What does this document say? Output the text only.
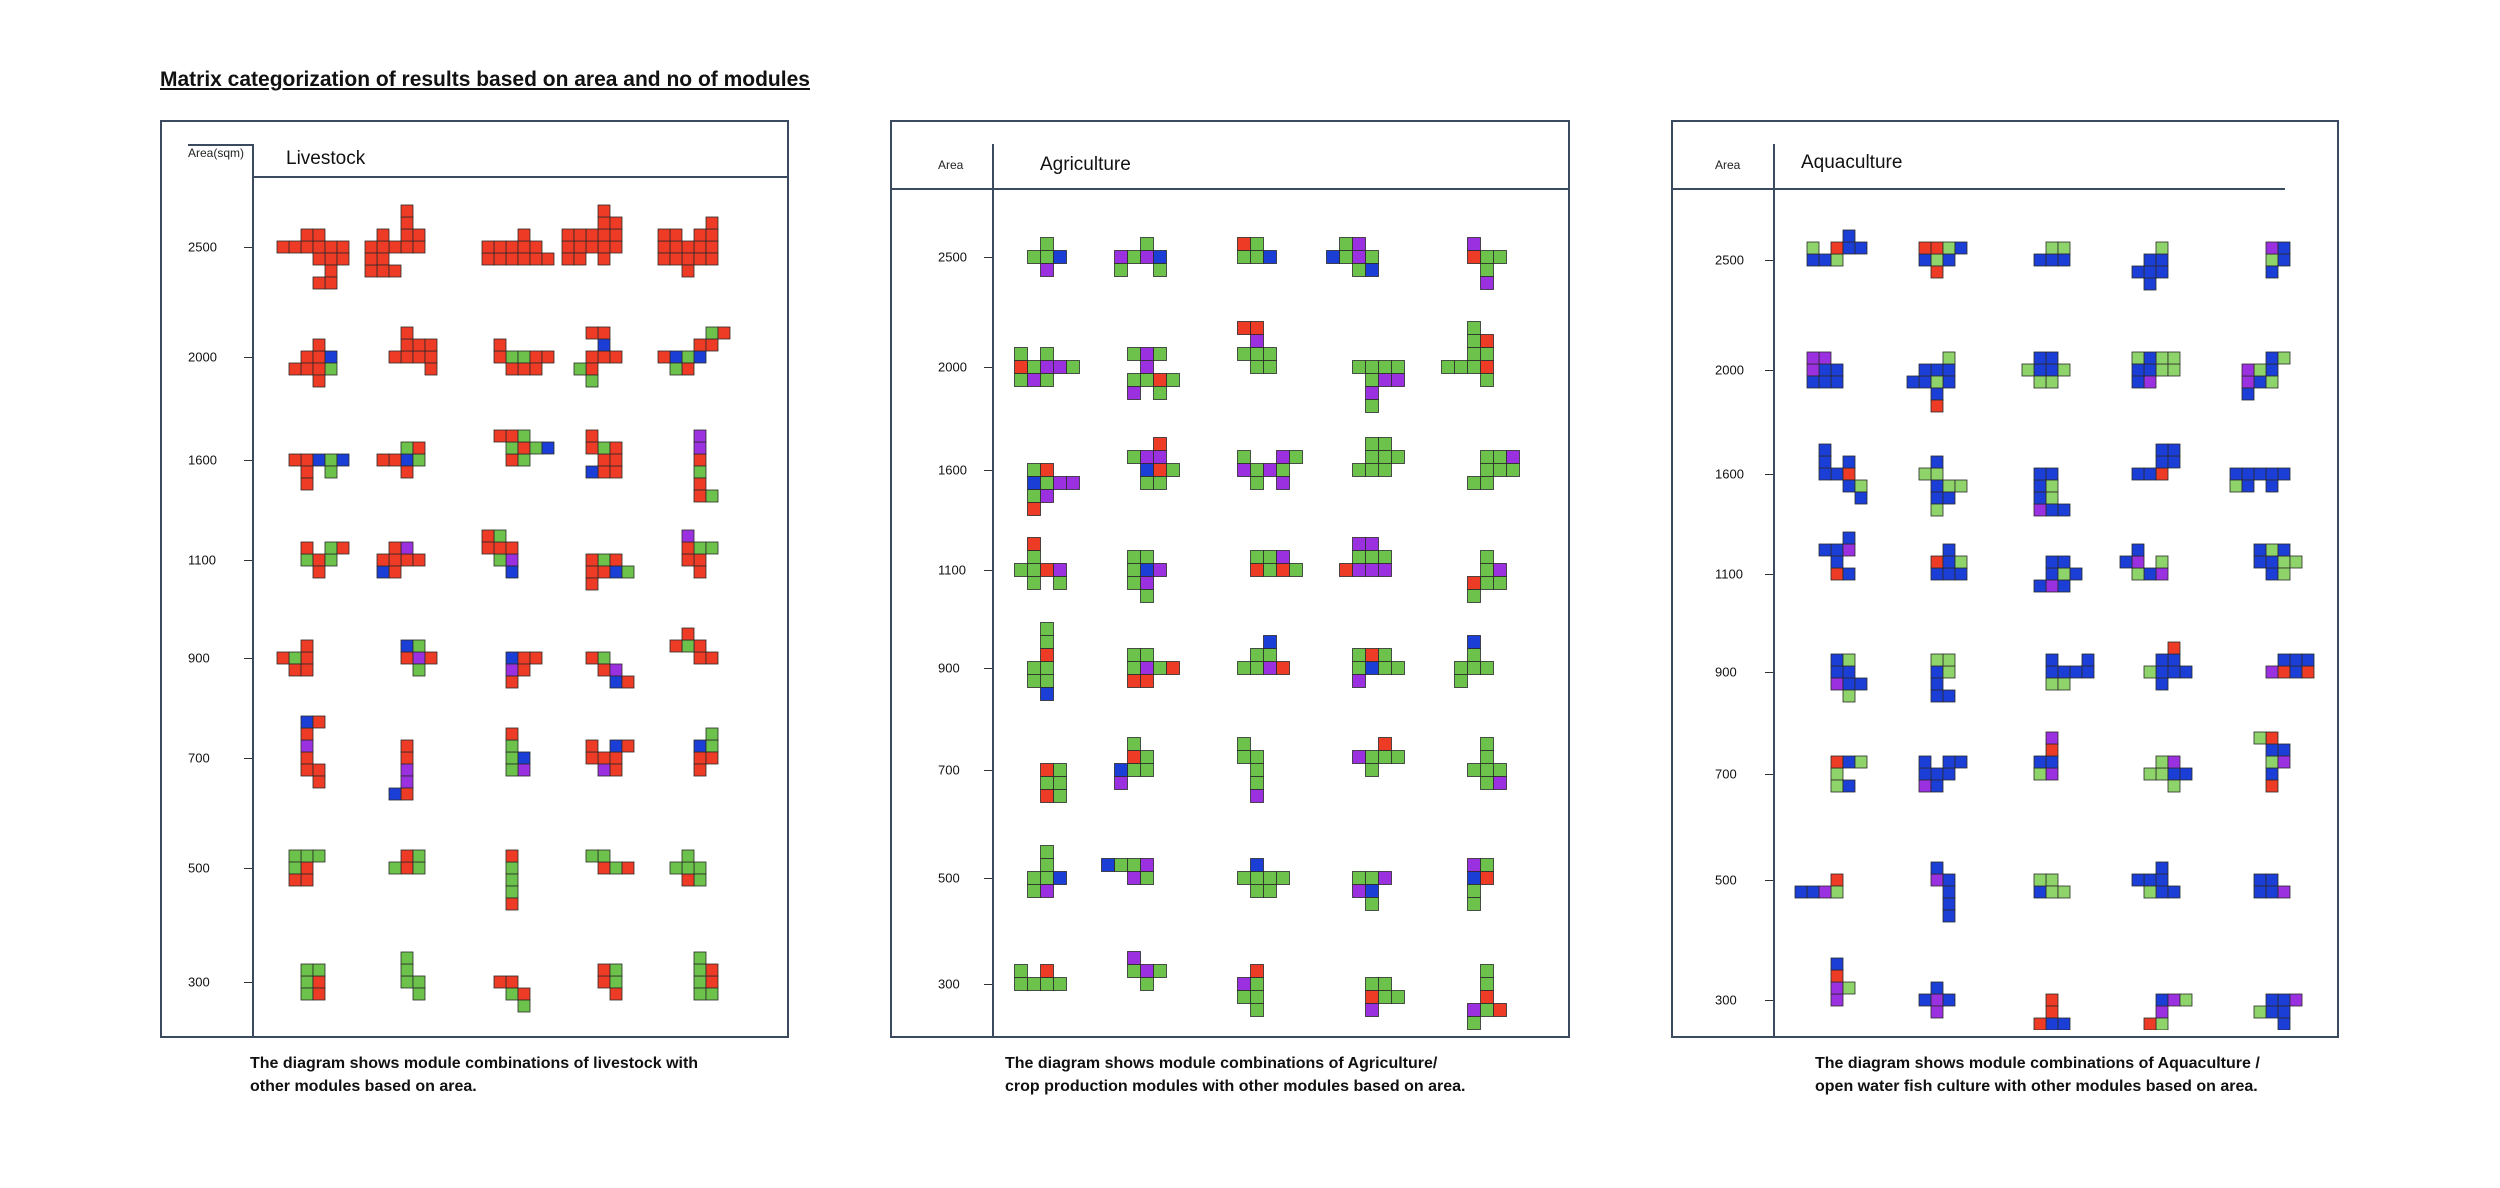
Matrix categorization of results based on area and no of modules
Area(sqm) Livestock
2500
2000
1600
1100
900
700
500
300
Area	Agriculture
2500
2000
1600
1100
900
700
500
300
Area	Aquaculture
2500
2000
1600
1100
900
700
500
300

The diagram shows module combinations of livestock with
other modules based on area.

The diagram shows module combinations of Agriculture/
crop production modules with other modules based on area.

The diagram shows module combinations of Aquaculture /
open water fish culture with other modules based on area.
